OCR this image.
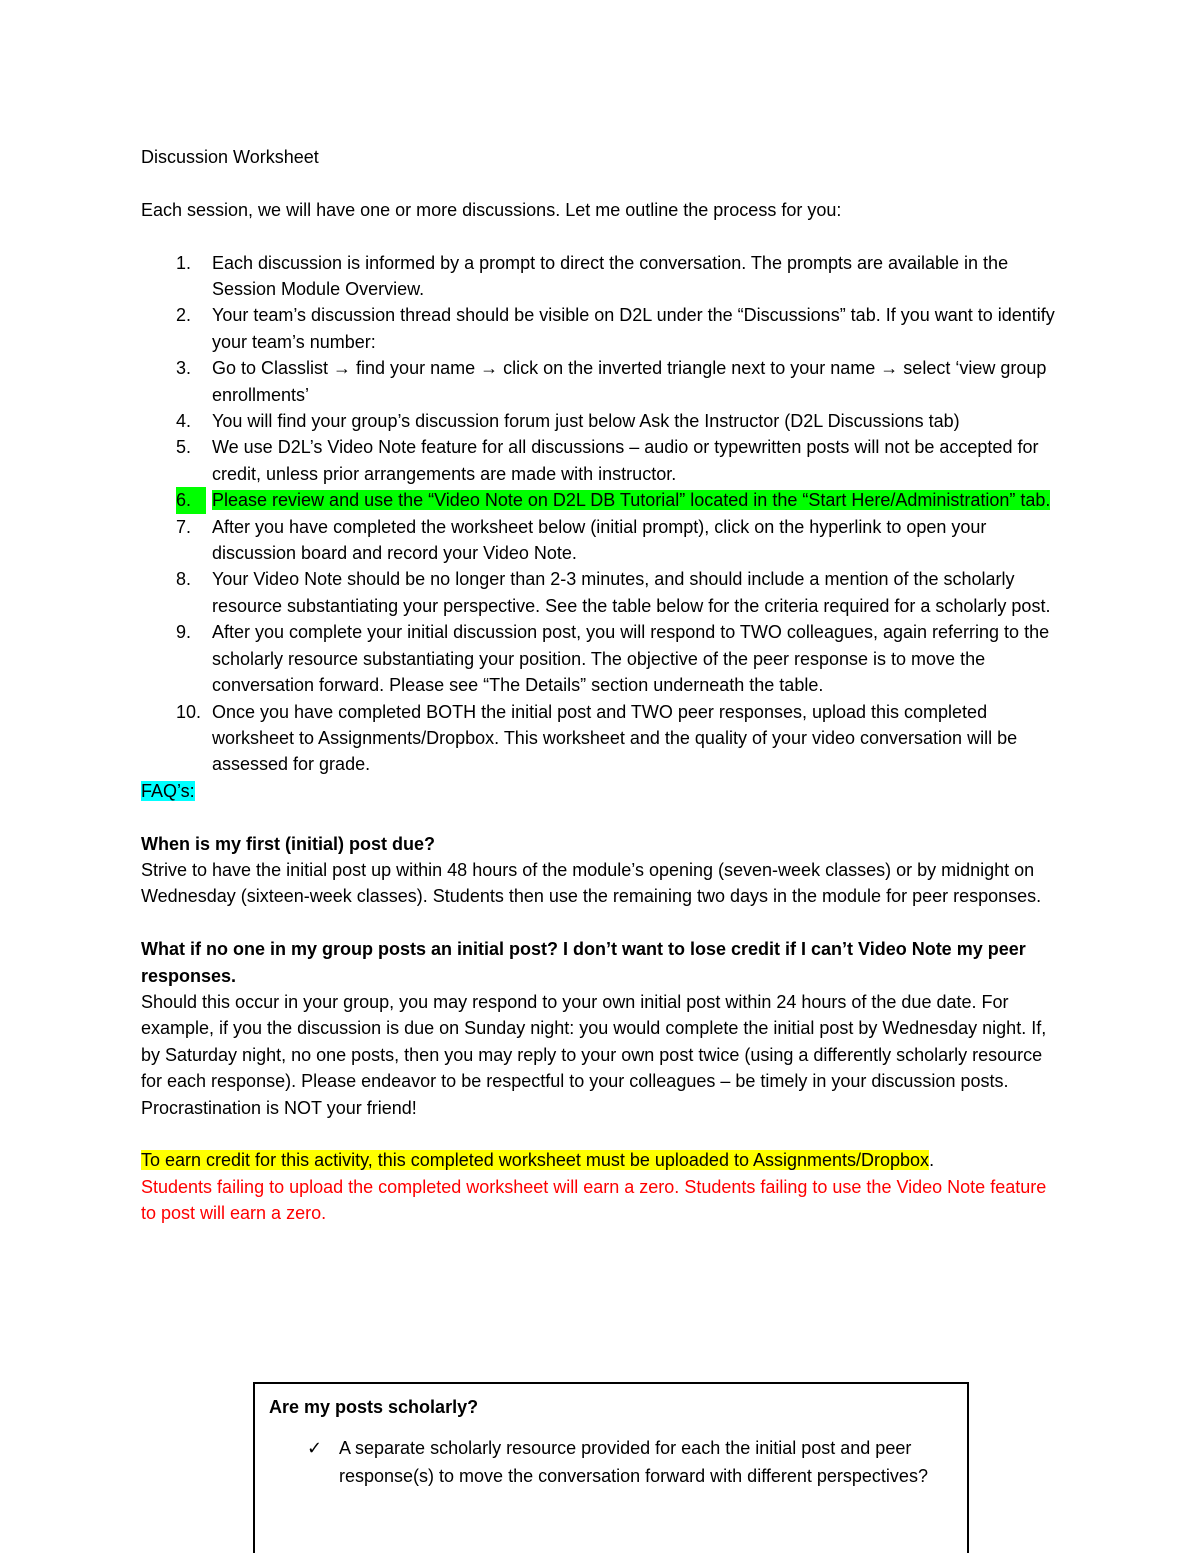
Discussion Worksheet

Each session, we will have one or more discussions. Let me outline the process for you:

1.	Each discussion is informed by a prompt to direct the conversation. The prompts are available in the Session Module Overview.
2.	Your team’s discussion thread should be visible on D2L under the “Discussions” tab. If you want to identify your team’s number:
3.	Go to Classlist → find your name → click on the inverted triangle next to your name → select ‘view group enrollments’
4.	You will find your group’s discussion forum just below Ask the Instructor (D2L Discussions tab)
5.	We use D2L’s Video Note feature for all discussions – audio or typewritten posts will not be accepted for credit, unless prior arrangements are made with instructor.
6.	Please review and use the “Video Note on D2L DB Tutorial” located in the “Start Here/Administration” tab.
7.	After you have completed the worksheet below (initial prompt), click on the hyperlink to open your discussion board and record your Video Note.
8.	Your Video Note should be no longer than 2-3 minutes, and should include a mention of the scholarly resource substantiating your perspective. See the table below for the criteria required for a scholarly post.
9.	After you complete your initial discussion post, you will respond to TWO colleagues, again referring to the scholarly resource substantiating your position. The objective of the peer response is to move the conversation forward. Please see “The Details” section underneath the table.
10. Once you have completed BOTH the initial post and TWO peer responses, upload this completed worksheet to Assignments/Dropbox. This worksheet and the quality of your video conversation will be assessed for grade.

FAQ’s:

When is my first (initial) post due?

Strive to have the initial post up within 48 hours of the module’s opening (seven-week classes) or by midnight on Wednesday (sixteen-week classes). Students then use the remaining two days in the module for peer responses.

What if no one in my group posts an initial post? I don’t want to lose credit if I can’t Video Note my peer responses.

Should this occur in your group, you may respond to your own initial post within 24 hours of the due date. For example, if you the discussion is due on Sunday night: you would complete the initial post by Wednesday night. If, by Saturday night, no one posts, then you may reply to your own post twice (using a differently scholarly resource for each response). Please endeavor to be respectful to your colleagues – be timely in your discussion posts. Procrastination is NOT your friend!

To earn credit for this activity, this completed worksheet must be uploaded to Assignments/Dropbox.

Students failing to upload the completed worksheet will earn a zero. Students failing to use the Video Note feature to post will earn a zero.

Are my posts scholarly?

✓ A separate scholarly resource provided for each the initial post and peer response(s) to move the conversation forward with different perspectives?
